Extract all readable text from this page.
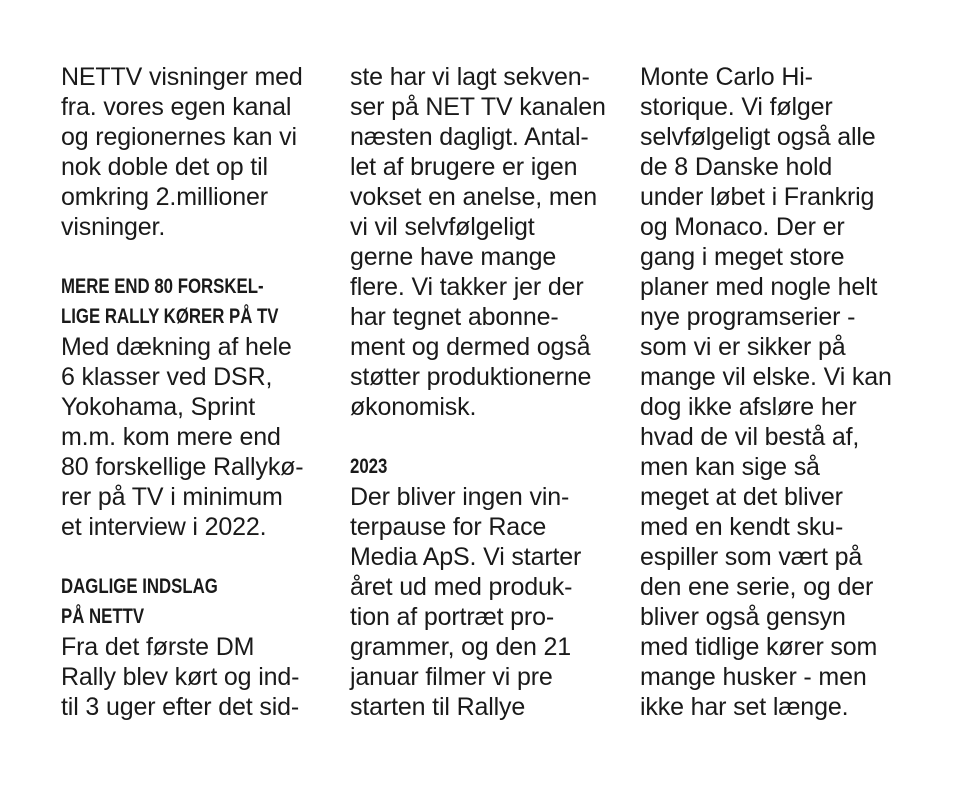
NETTV visninger med
fra. vores egen kanal
og regionernes kan vi
nok doble det op til
omkring 2.millioner
visninger.
MERE END 80 FORSKEL-
LIGE RALLY KØRER PÅ TV
Med dækning af hele
6 klasser ved DSR,
Yokohama, Sprint
m.m. kom mere end
80 forskellige Rallykø-
rer på TV i minimum
et interview i 2022.
DAGLIGE INDSLAG
PÅ NETTV
Fra det første DM
Rally blev kørt og ind-
til 3 uger efter det sid-
ste har vi lagt sekven-
ser på NET TV kanalen
næsten dagligt. Antal-
let af brugere er igen
vokset en anelse, men
vi vil selvfølgeligt
gerne have mange
flere. Vi takker jer der
har tegnet abonne-
ment og dermed også
støtter produktionerne
økonomisk.
2023
Der bliver ingen vin-
terpause for Race
Media ApS. Vi starter
året ud med produk-
tion af portræt pro-
grammer, og den 21
januar filmer vi pre
starten til Rallye
Monte Carlo Hi-
storique. Vi følger
selvfølgeligt også alle
de 8 Danske hold
under løbet i Frankrig
og Monaco. Der er
gang i meget store
planer med nogle helt
nye programserier -
som vi er sikker på
mange vil elske. Vi kan
dog ikke afsløre her
hvad de vil bestå af,
men kan sige så
meget at det bliver
med en kendt sku-
espiller som vært på
den ene serie, og der
bliver også gensyn
med tidlige kører som
mange husker - men
ikke har set længe.
